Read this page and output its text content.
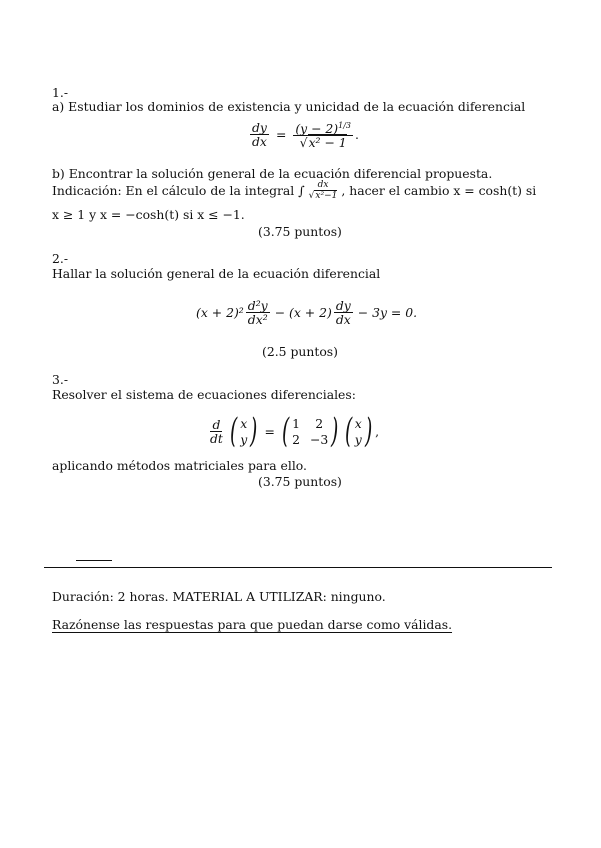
1.-
a) Estudiar los dominios de existencia y unicidad de la ecuación diferencial
$\frac{dy}{dx} = \frac{(y - 2)^{1/3}}{\text{√x² − 1}}$ .
b) Encontrar la solución general de la ecuación diferencial propuesta.
Indicación: En el cálculo de la integral ∫ $\frac{dx}{\text{√x²−1}}$ , hacer el cambio x = cosh(t) si
x ≥ 1 y x = −cosh(t) si x ≤ −1.
(3.75 puntos)
2.-
Hallar la solución general de la ecuación diferencial
$(x + 2)^2 \frac{\text{d²y}}{\text{dx²}} - (x + 2) \frac{dy}{dx} - 3y = 0$.
(2.5 puntos)
3.-
Resolver el sistema de ecuaciones diferenciales:
$\frac{d}{dt}$ ( x
y ) = ( 1	2
2 −3 ) ( x
y ) ,
aplicando métodos matriciales para ello.
(3.75 puntos)
Duración: 2 horas. MATERIAL A UTILIZAR: ninguno.
Razónense las respuestas para que puedan darse como válidas.
